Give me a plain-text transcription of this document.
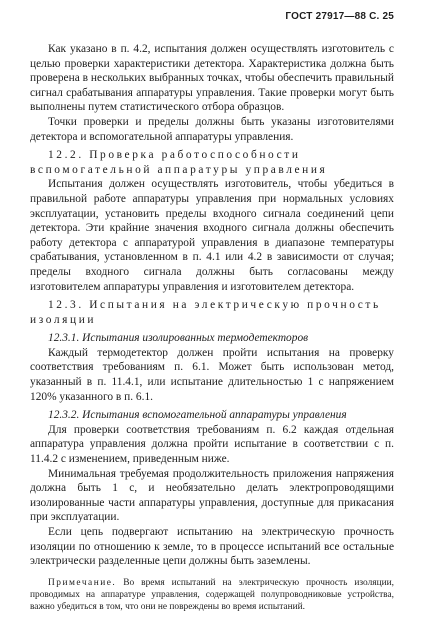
ГОСТ 27917—88 С. 25

Как указано в п. 4.2, испытания должен осуществлять изготовитель с целью проверки характеристики детектора. Характеристика должна быть проверена в нескольких выбранных точках, чтобы обеспечить правильный сигнал срабатывания аппаратуры управления. Такие проверки могут быть выполнены путем статистического отбора образцов.

Точки проверки и пределы должны быть указаны изготовителями детектора и вспомогательной аппаратуры управления.

12.2. Проверка работоспособности вспомогательной аппаратуры управления

Испытания должен осуществлять изготовитель, чтобы убедиться в правильной работе аппаратуры управления при нормальных условиях эксплуатации, установить пределы входного сигнала соединений цепи детектора. Эти крайние значения входного сигнала должны обеспечить работу детектора с аппаратурой управления в диапазоне температуры срабатывания, установленном в п. 4.1 или 4.2 в зависимости от случая; пределы входного сигнала должны быть согласованы между изготовителем аппаратуры управления и изготовителем детектора.

12.3. Испытания на электрическую прочность изоляции

12.3.1. Испытания изолированных термодетекторов

Каждый термодетектор должен пройти испытания на проверку соответствия требованиям п. 6.1. Может быть использован метод, указанный в п. 11.4.1, или испытание длительностью 1 с напряжением 120% указанного в п. 6.1.

12.3.2. Испытания вспомогательной аппаратуры управления

Для проверки соответствия требованиям п. 6.2 каждая отдельная аппаратура управления должна пройти испытание в соответствии с п. 11.4.2 с изменением, приведенным ниже.

Минимальная требуемая продолжительность приложения напряжения должна быть 1 с, и необязательно делать электропроводящими изолированные части аппаратуры управления, доступные для прикасания при эксплуатации.

Если цепь подвергают испытанию на электрическую прочность изоляции по отношению к земле, то в процессе испытаний все остальные электрически разделенные цепи должны быть заземлены.

Примечание. Во время испытаний на электрическую прочность изоляции, проводимых на аппаратуре управления, содержащей полупроводниковые устройства, важно убедиться в том, что они не повреждены во время испытаний.
